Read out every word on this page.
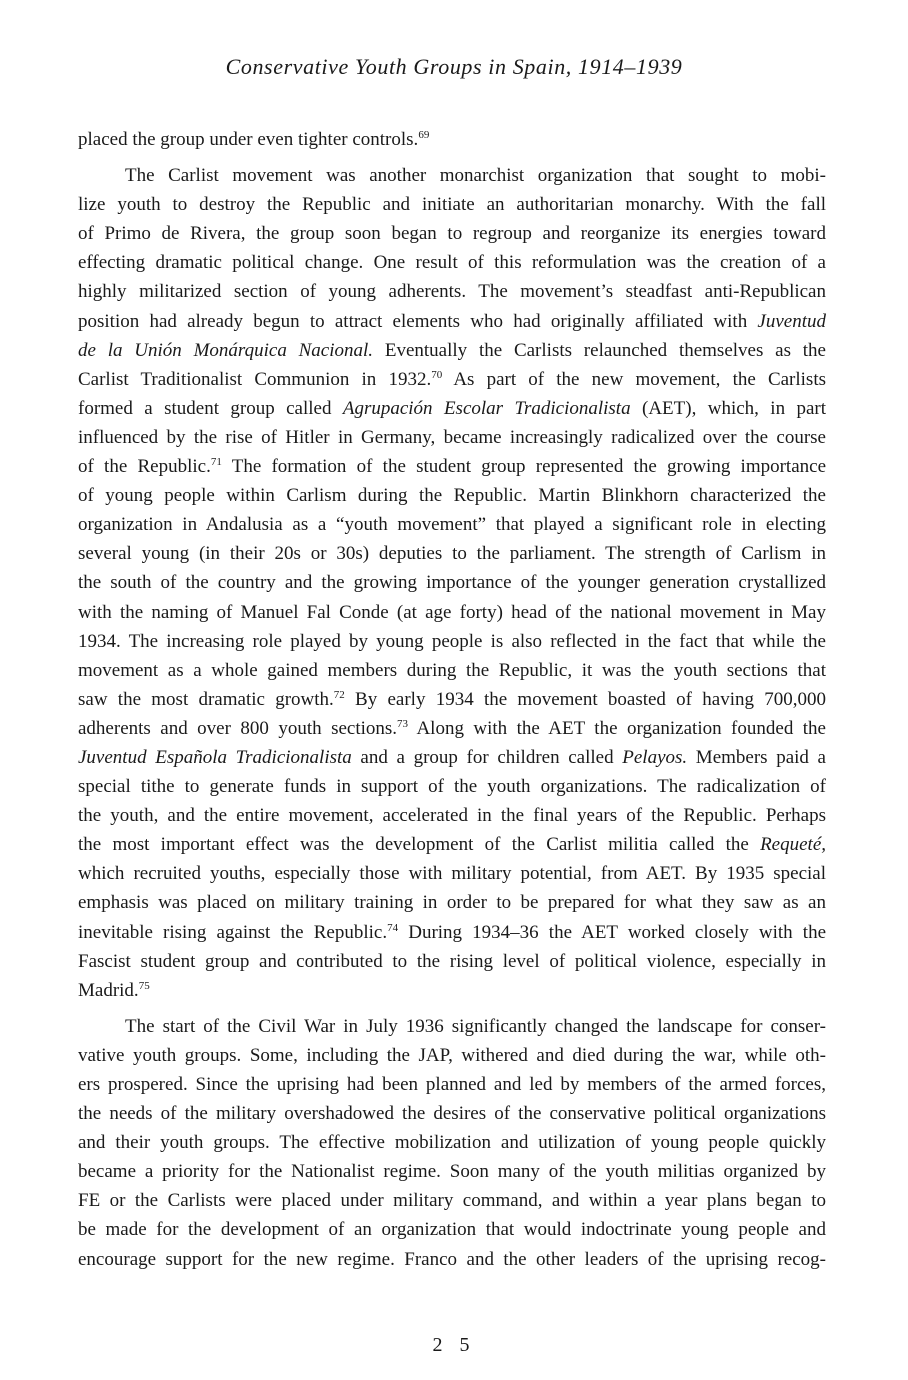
Conservative Youth Groups in Spain, 1914–1939
placed the group under even tighter controls.$^{69}$
The Carlist movement was another monarchist organization that sought to mobi-
lize youth to destroy the Republic and initiate an authoritarian monarchy. With the fall
of Primo de Rivera, the group soon began to regroup and reorganize its energies toward
effecting dramatic political change. One result of this reformulation was the creation of a
highly militarized section of young adherents. The movement’s steadfast anti-Republican
position had already begun to attract elements who had originally affiliated with Juventud
de la Unión Monárquica Nacional. Eventually the Carlists relaunched themselves as the
Carlist Traditionalist Communion in 1932.70 As part of the new movement, the Carlists
formed a student group called Agrupación Escolar Tradicionalista (AET), which, in part
influenced by the rise of Hitler in Germany, became increasingly radicalized over the course
of the Republic.$^{71}$ The formation of the student group represented the growing importance
of young people within Carlism during the Republic. Martin Blinkhorn characterized the
organization in Andalusia as a “youth movement” that played a significant role in electing
several young (in their 20s or 30s) deputies to the parliament. The strength of Carlism in
the south of the country and the growing importance of the younger generation crystallized
with the naming of Manuel Fal Conde (at age forty) head of the national movement in May
1934. The increasing role played by young people is also reflected in the fact that while the
movement as a whole gained members during the Republic, it was the youth sections that
saw the most dramatic growth.$^{72}$ By early 1934 the movement boasted of having 700,000
adherents and over 800 youth sections.$^{73}$ Along with the AET the organization founded the
Juventud Española Tradicionalista and a group for children called Pelayos. Members paid a
special tithe to generate funds in support of the youth organizations. The radicalization of
the youth, and the entire movement, accelerated in the final years of the Republic. Perhaps
the most important effect was the development of the Carlist militia called the Requeté,
which recruited youths, especially those with military potential, from AET. By 1935 special
emphasis was placed on military training in order to be prepared for what they saw as an
inevitable rising against the Republic.$^{74}$ During 1934–36 the AET worked closely with the
Fascist student group and contributed to the rising level of political violence, especially in
Madrid.$^{75}$
The start of the Civil War in July 1936 significantly changed the landscape for conser-
vative youth groups. Some, including the JAP, withered and died during the war, while oth-
ers prospered. Since the uprising had been planned and led by members of the armed forces,
the needs of the military overshadowed the desires of the conservative political organizations
and their youth groups. The effective mobilization and utilization of young people quickly
became a priority for the Nationalist regime. Soon many of the youth militias organized by
FE or the Carlists were placed under military command, and within a year plans began to
be made for the development of an organization that would indoctrinate young people and
encourage support for the new regime. Franco and the other leaders of the uprising recog-
2 5
